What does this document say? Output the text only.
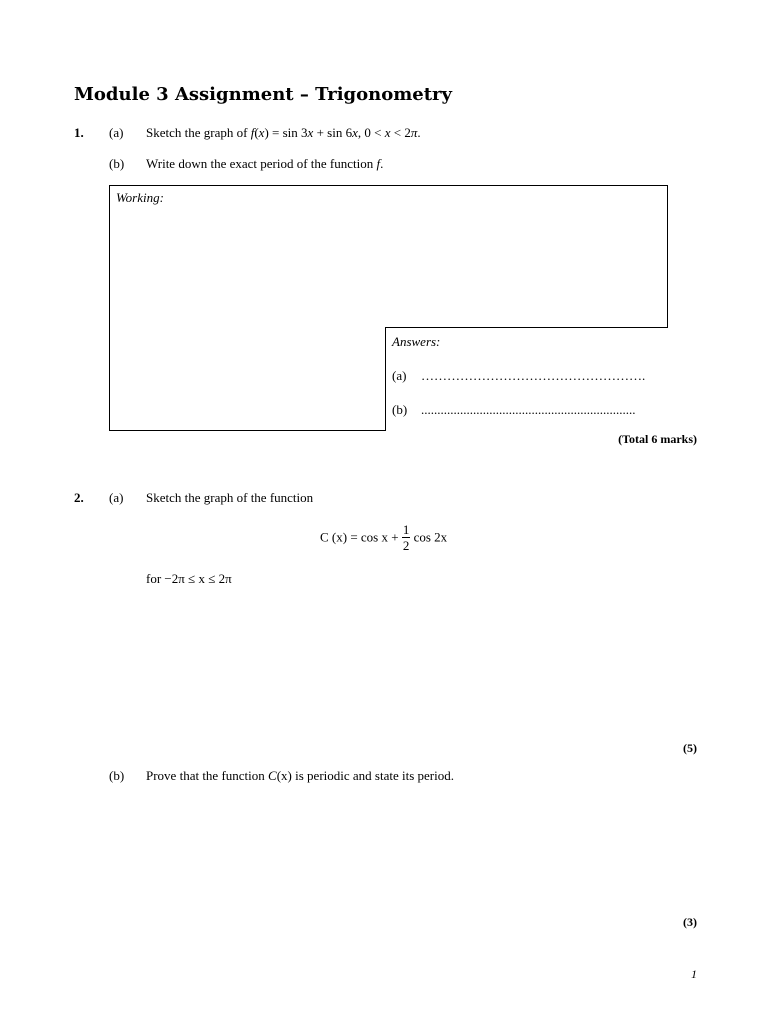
Module 3 Assignment – Trigonometry
1. (a) Sketch the graph of f(x) = sin 3x + sin 6x, 0 < x < 2π.
(b) Write down the exact period of the function f.
Working:
Answers:
(a) …………………………………………….
(b) ..................................................................
(Total 6 marks)
2. (a) Sketch the graph of the function
C $(x) = \cos x + \frac{1}{2}$ cos 2x
for −2π ≤ x ≤ 2π
(5)
(b) Prove that the function C(x) is periodic and state its period.
(3)
1
